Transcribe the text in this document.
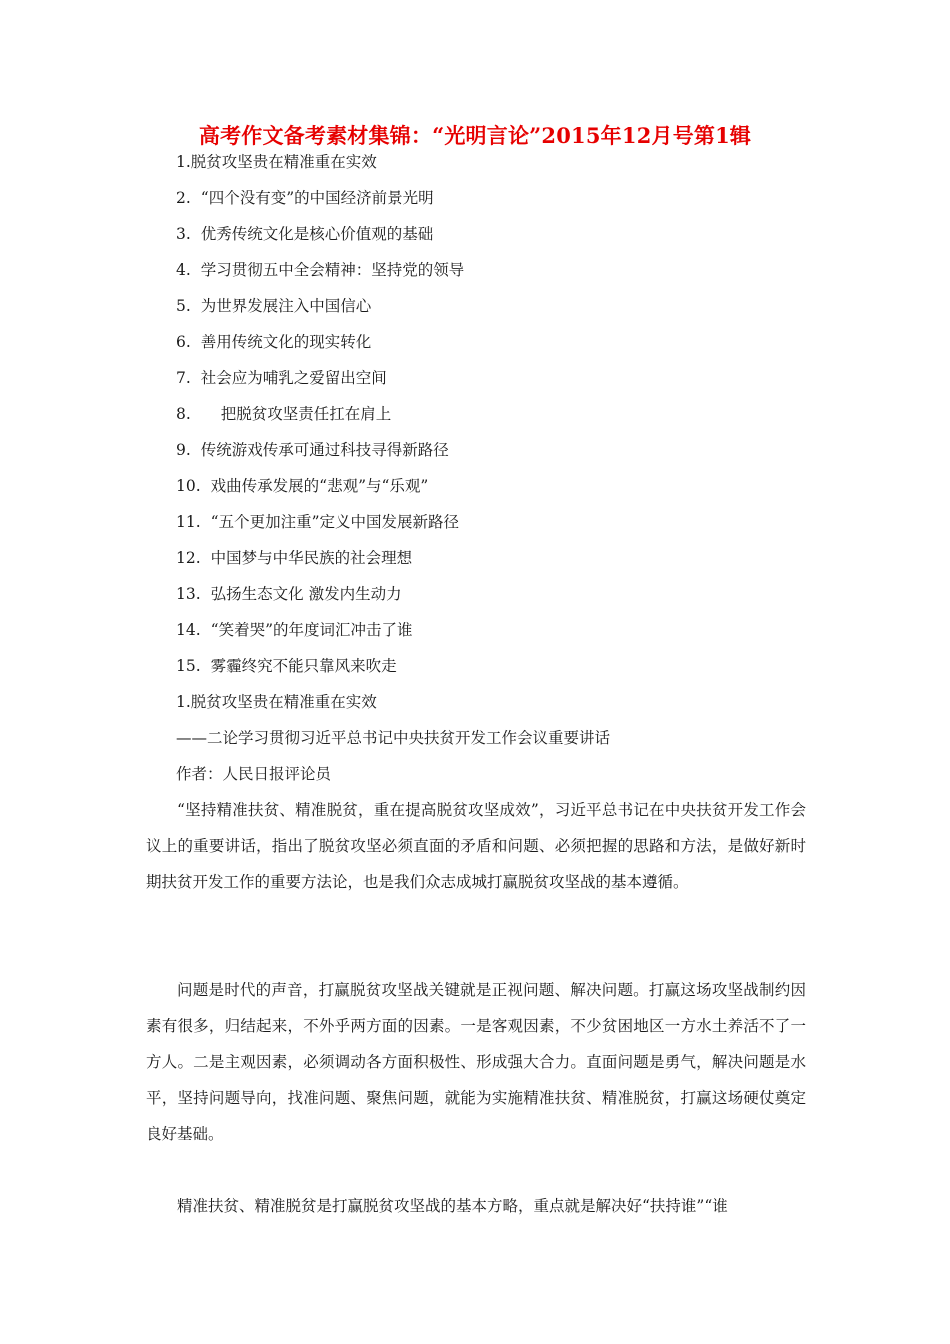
高考作文备考素材集锦：“光明言论”2015年12月号第1辑
1.脱贫攻坚贵在精准重在实效
2. “四个没有变”的中国经济前景光明
3. 优秀传统文化是核心价值观的基础
4. 学习贯彻五中全会精神：坚持党的领导
5. 为世界发展注入中国信心
6. 善用传统文化的现实转化
7. 社会应为哺乳之爱留出空间
8. 把脱贫攻坚责任扛在肩上
9. 传统游戏传承可通过科技寻得新路径
10. 戏曲传承发展的“悲观”与“乐观”
11. “五个更加注重”定义中国发展新路径
12. 中国梦与中华民族的社会理想
13. 弘扬生态文化 激发内生动力
14. “笑着哭”的年度词汇冲击了谁
15. 雾霾终究不能只靠风来吹走

1.脱贫攻坚贵在精准重在实效

——二论学习贯彻习近平总书记中央扶贫开发工作会议重要讲话

作者：人民日报评论员

“坚持精准扶贫、精准脱贫，重在提高脱贫攻坚成效”，习近平总书记在中央扶贫开发工作会议上的重要讲话，指出了脱贫攻坚必须直面的矛盾和问题、必须把握的思路和方法，是做好新时期扶贫开发工作的重要方法论，也是我们众志成城打赢脱贫攻坚战的基本遵循。

问题是时代的声音，打赢脱贫攻坚战关键就是正视问题、解决问题。打赢这场攻坚战制约因素有很多，归结起来，不外乎两方面的因素。一是客观因素，不少贫困地区一方水土养活不了一方人。二是主观因素，必须调动各方面积极性、形成强大合力。直面问题是勇气，解决问题是水平，坚持问题导向，找准问题、聚焦问题，就能为实施精准扶贫、精准脱贫，打赢这场硬仗奠定良好基础。

精准扶贫、精准脱贫是打赢脱贫攻坚战的基本方略，重点就是解决好“扶持谁”“谁
